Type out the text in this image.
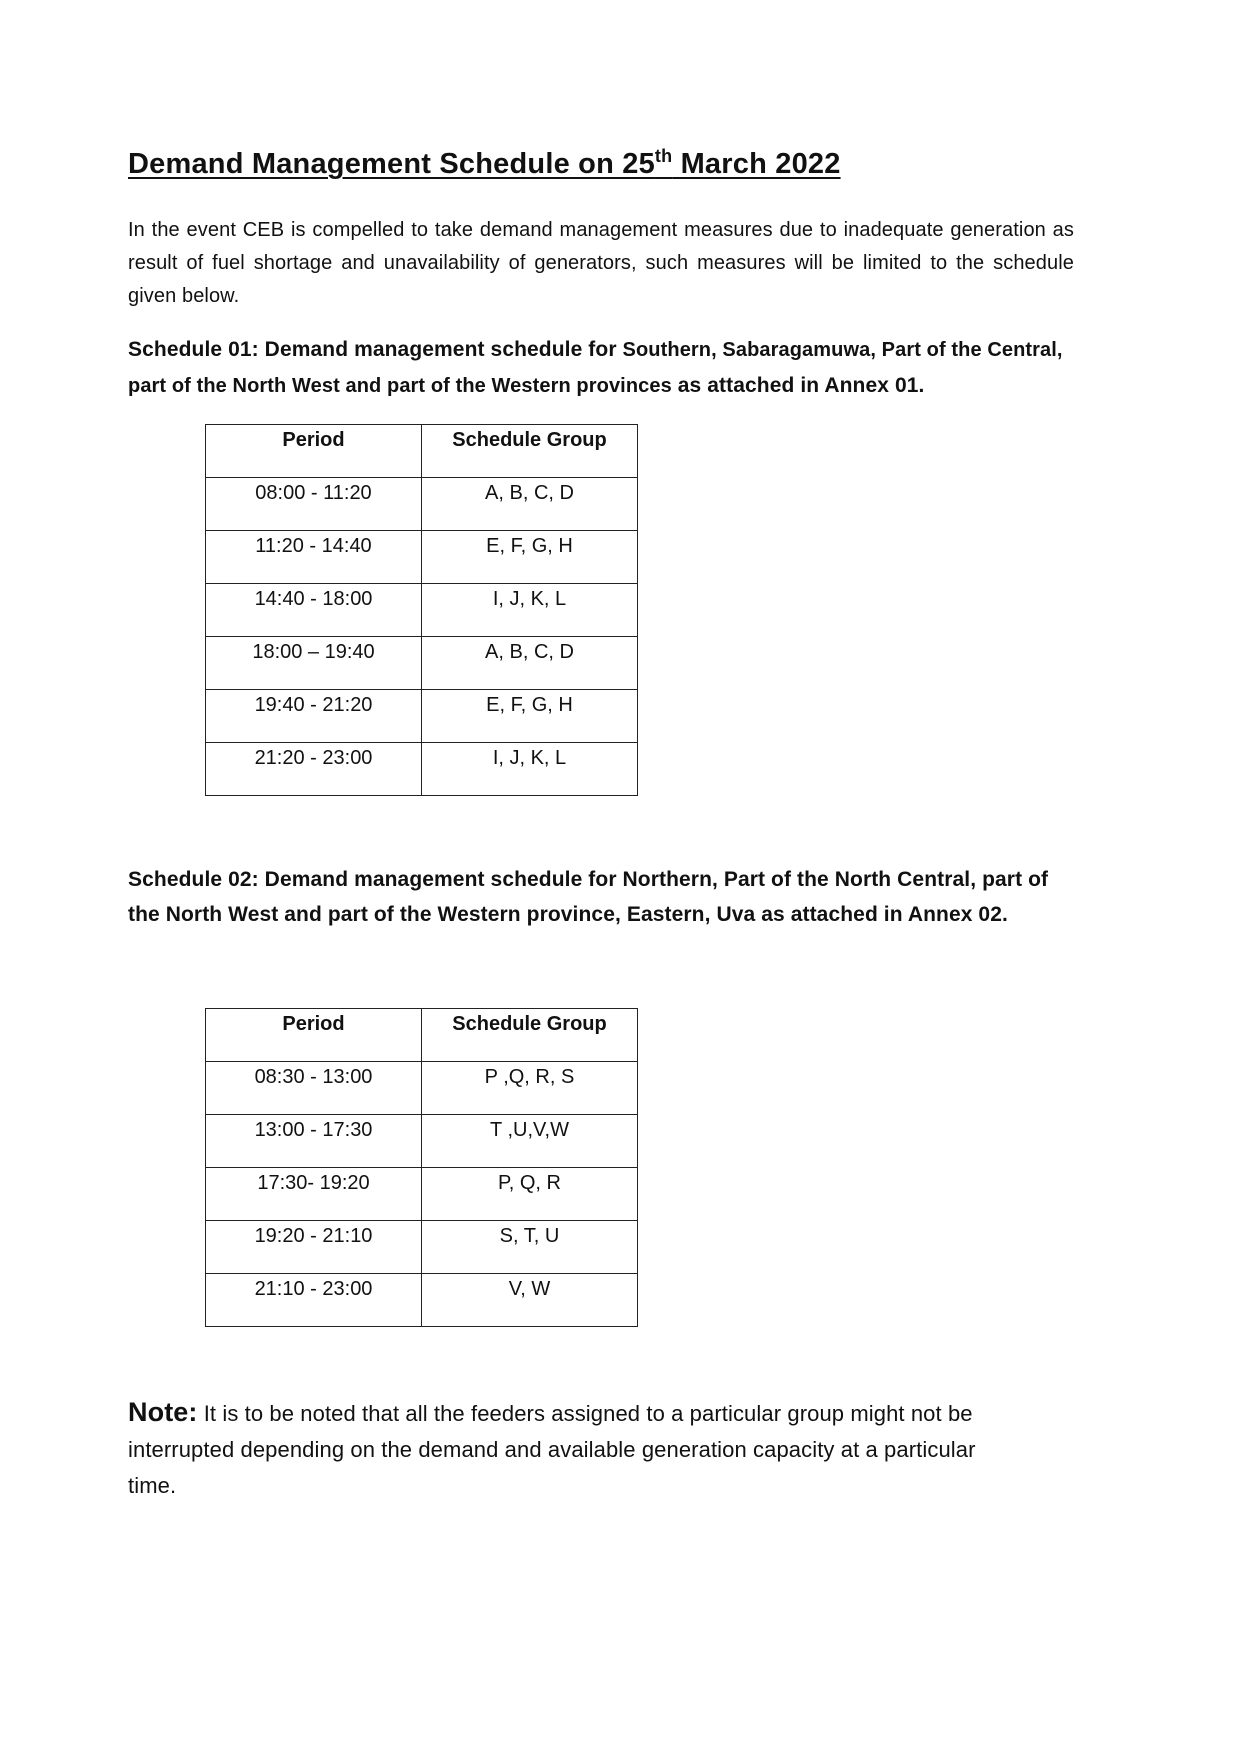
Demand Management Schedule on 25th March 2022
In the event CEB is compelled to take demand management measures due to inadequate generation as result of fuel shortage and unavailability of generators, such measures will be limited to the schedule given below.
Schedule 01: Demand management schedule for Southern, Sabaragamuwa, Part of the Central, part of the North West and part of the Western provinces as attached in Annex 01.
Period	Schedule Group
08:00 - 11:20	A, B, C, D
11:20 - 14:40	E, F, G, H
14:40 - 18:00	I, J, K, L
18:00 – 19:40	A, B, C, D
19:40 - 21:20	E, F, G, H
21:20 - 23:00	I, J, K, L
Schedule 02: Demand management schedule for Northern, Part of the North Central, part of the North West and part of the Western province, Eastern, Uva as attached in Annex 02.
Period	Schedule Group
08:30 - 13:00	P ,Q, R, S
13:00 - 17:30	T ,U,V,W
17:30- 19:20	P, Q, R
19:20 - 21:10	S, T, U
21:10 - 23:00	V, W
Note: It is to be noted that all the feeders assigned to a particular group might not be interrupted depending on the demand and available generation capacity at a particular time.
